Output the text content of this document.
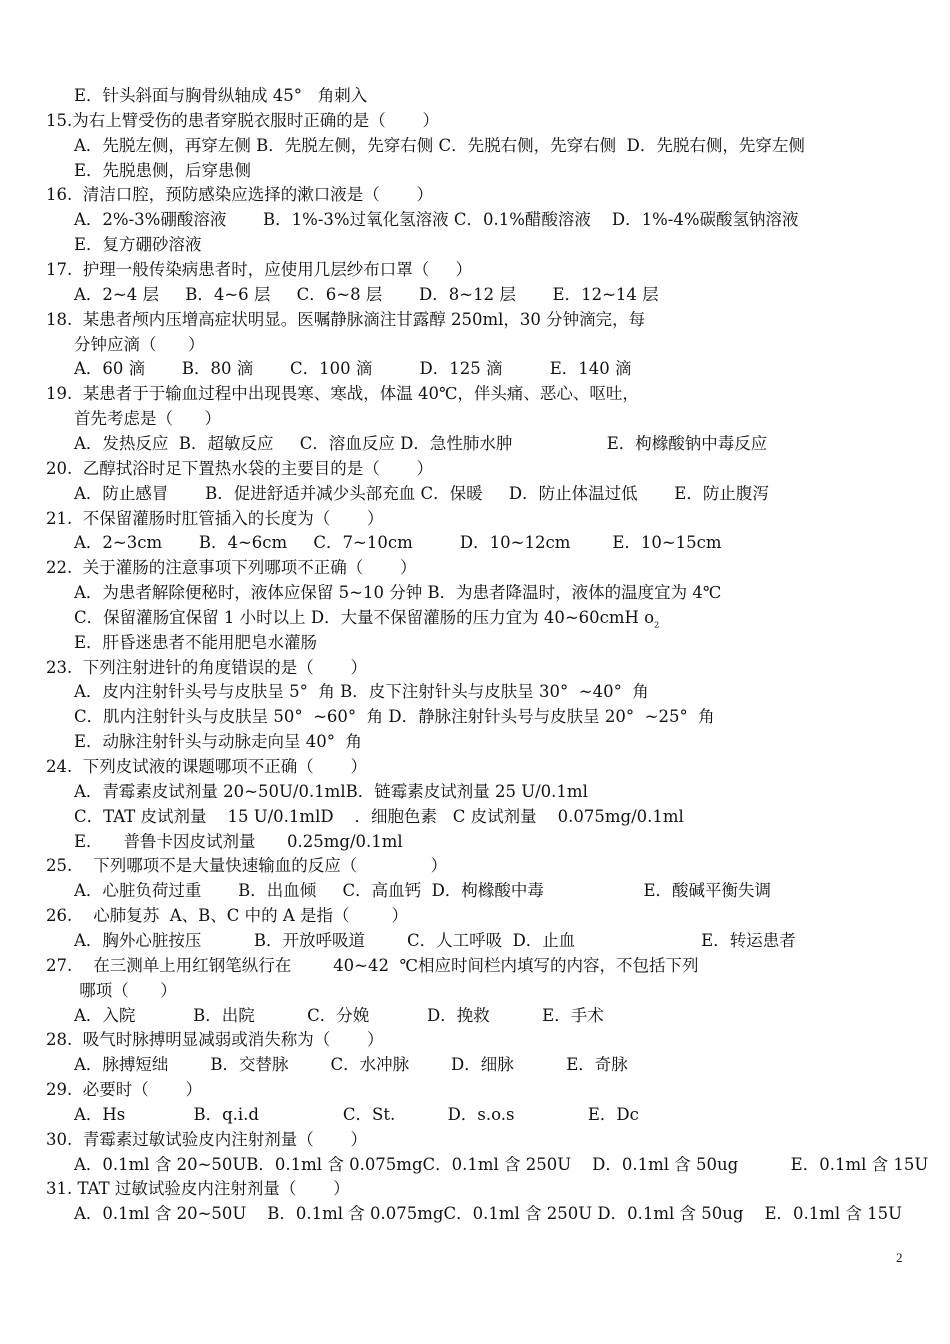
E．针头斜面与胸骨纵轴成 45°   角刺入
15.为右上臂受伤的患者穿脱衣服时正确的是（       ）
A．先脱左侧，再穿左侧 B．先脱左侧，先穿右侧 C．先脱右侧，先穿右侧  D．先脱右侧，先穿左侧
E．先脱患侧，后穿患侧
16.  清洁口腔，预防感染应选择的漱口液是（       ）
A．2%-3%硼酸溶液       B．1%-3%过氧化氢溶液 C．0.1%醋酸溶液    D．1%-4%碳酸氢钠溶液
E．复方硼砂溶液
17.  护理一般传染病患者时，应使用几层纱布口罩（     ）
A．2~4 层     B．4~6 层     C．6~8 层       D．8~12 层       E．12~14 层
18.  某患者颅内压增高症状明显。医嘱静脉滴注甘露醇 250ml，30 分钟滴完，每
分钟应滴（      ）
A．60 滴       B．80 滴       C．100 滴         D．125 滴         E．140 滴
19.  某患者于于输血过程中出现畏寒、寒战，体温 40℃，伴头痛、恶心、呕吐，
首先考虑是（      ）
A．发热反应  B．超敏反应     C．溶血反应 D．急性肺水肿                  E．枸橼酸钠中毒反应
20.  乙醇拭浴时足下置热水袋的主要目的是（       ）
A．防止感冒       B．促进舒适并减少头部充血 C．保暖     D．防止体温过低       E．防止腹泻
21.  不保留灌肠时肛管插入的长度为（       ）
A．2~3cm       B．4~6cm     C．7~10cm         D．10~12cm        E．10~15cm
22.  关于灌肠的注意事项下列哪项不正确（       ）
A．为患者解除便秘时，液体应保留 5~10 分钟 B．为患者降温时，液体的温度宜为 4℃
C．保留灌肠宜保留 1 小时以上 D．大量不保留灌肠的压力宜为 40~60cmH $o_2$
E．肝昏迷患者不能用肥皂水灌肠
23.  下列注射进针的角度错误的是（       ）
A．皮内注射针头号与皮肤呈 5°  角 B．皮下注射针头与皮肤呈 30°  ~40°  角
C．肌内注射针头与皮肤呈 50°  ~60°  角 D．静脉注射针头号与皮肤呈 20°  ~25°  角
E．动脉注射针头与动脉走向呈 40°  角
24.  下列皮试液的课题哪项不正确（       ）
A．青霉素皮试剂量 20~50U/0.1mlB．链霉素皮试剂量 25 U/0.1ml
C．TAT 皮试剂量    15 U/0.1mlD    ．细胞色素   C 皮试剂量    0.075mg/0.1ml
E．    普鲁卡因皮试剂量      0.25mg/0.1ml
25.    下列哪项不是大量快速输血的反应（              ）
A．心脏负荷过重       B．出血倾     C．高血钙  D．枸橼酸中毒                   E．酸碱平衡失调
26.    心肺复苏  A、B、C 中的 A 是指（        ）
A．胸外心脏按压          B．开放呼吸道        C．人工呼吸  D．止血                        E．转运患者
27.    在三测单上用红钢笔纵行在        40~42  ℃相应时间栏内填写的内容，不包括下列
哪项（      ）
A．入院           B．出院          C．分娩           D．挽救          E．手术
28.  吸气时脉搏明显减弱或消失称为（       ）
A．脉搏短绌        B．交替脉        C．水冲脉        D．细脉          E．奇脉
29.  必要时（       ）
A．Hs             B．q.i.d                C．St.          D．s.o.s              E．Dc
30.  青霉素过敏试验皮内注射剂量（       ）
A．0.1ml 含 20~50UB．0.1ml 含 0.075mgC．0.1ml 含 250U    D．0.1ml 含 50ug          E．0.1ml 含 15U
31. TAT 过敏试验皮内注射剂量（       ）
A．0.1ml 含 20~50U    B．0.1ml 含 0.075mgC．0.1ml 含 250U D．0.1ml 含 50ug    E．0.1ml 含 15U
2
